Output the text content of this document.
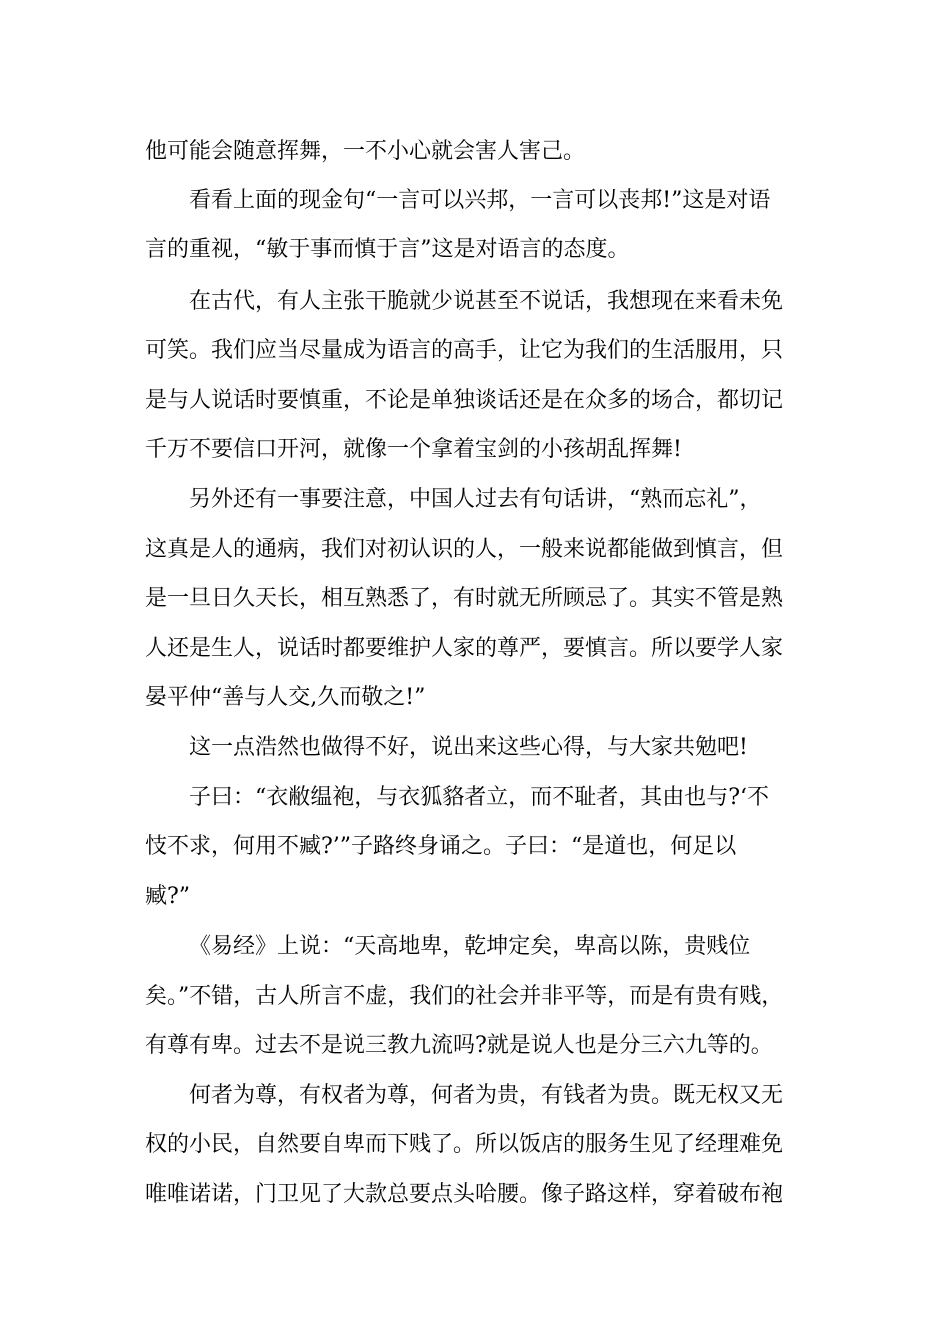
他可能会随意挥舞，一不小心就会害人害己。
看看上面的现金句“一言可以兴邦，一言可以丧邦!”这是对语
言的重视，“敏于事而慎于言”这是对语言的态度。
在古代，有人主张干脆就少说甚至不说话，我想现在来看未免
可笑。我们应当尽量成为语言的高手，让它为我们的生活服用，只
是与人说话时要慎重，不论是单独谈话还是在众多的场合，都切记
千万不要信口开河，就像一个拿着宝剑的小孩胡乱挥舞!
另外还有一事要注意，中国人过去有句话讲，“熟而忘礼”，
这真是人的通病，我们对初认识的人，一般来说都能做到慎言，但
是一旦日久天长，相互熟悉了，有时就无所顾忌了。其实不管是熟
人还是生人，说话时都要维护人家的尊严，要慎言。所以要学人家
晏平仲“善与人交,久而敬之!”
这一点浩然也做得不好，说出来这些心得，与大家共勉吧!
子曰：“衣敝缊袍，与衣狐貉者立，而不耻者，其由也与?‘不
忮不求，何用不臧?’”子路终身诵之。子曰：“是道也，何足以
臧?”
《易经》上说：“天高地卑，乾坤定矣，卑高以陈，贵贱位
矣。”不错，古人所言不虚，我们的社会并非平等，而是有贵有贱，
有尊有卑。过去不是说三教九流吗?就是说人也是分三六九等的。
何者为尊，有权者为尊，何者为贵，有钱者为贵。既无权又无
权的小民，自然要自卑而下贱了。所以饭店的服务生见了经理难免
唯唯诺诺，门卫见了大款总要点头哈腰。像子路这样，穿着破布袍
